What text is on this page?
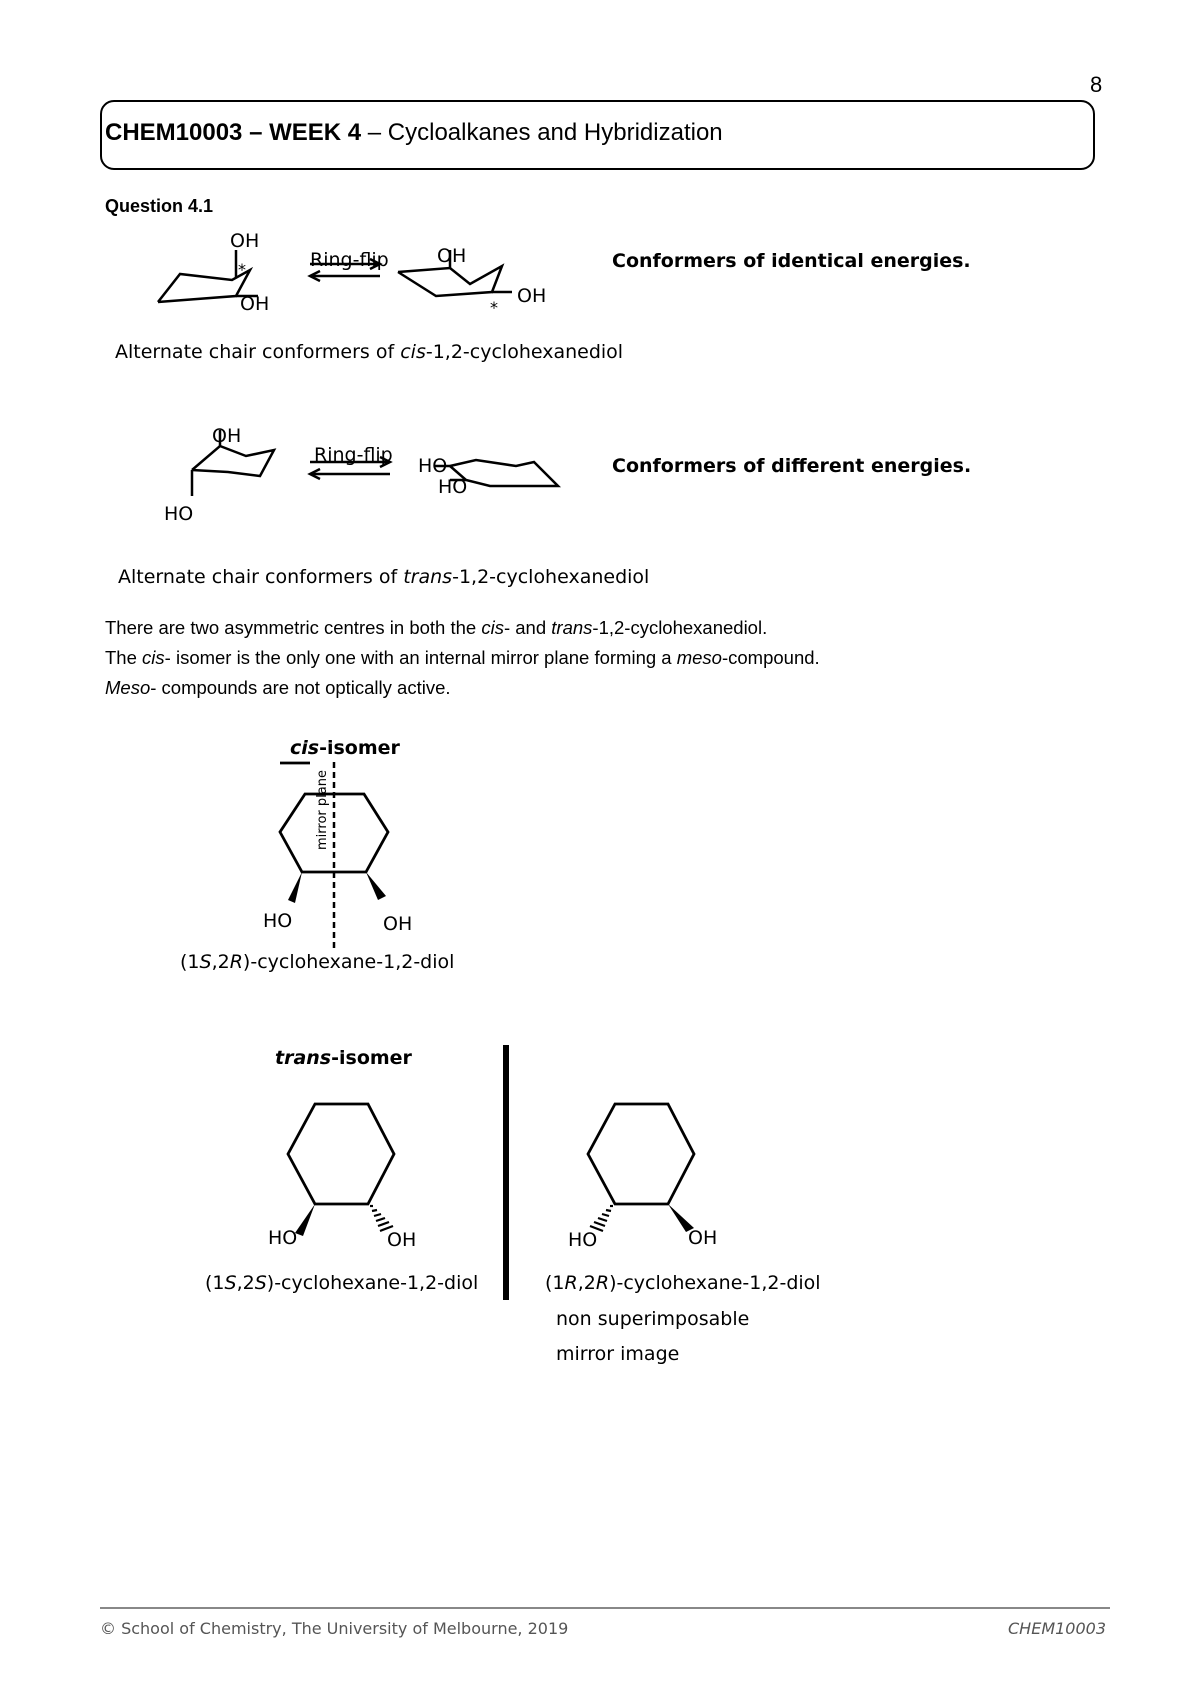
8
CHEM10003 – WEEK 4 – Cycloalkanes and Hybridization
Question 4.1
OH
OH
*	Ring-flip	OH
OH
*
Conformers of identical energies.
Alternate chair conformers of cis-1,2-cyclohexanediol
OH
HO
Ring-flip HO
HO
Conformers of different energies.
Alternate chair conformers of trans-1,2-cyclohexanediol
There are two asymmetric centres in both the cis- and trans-1,2-cyclohexanediol.
The cis- isomer is the only one with an internal mirror plane forming a meso-compound.
Meso- compounds are not optically active.
cis-isomer
mirror plane
HO	OH
(1S,2R)-cyclohexane-1,2-diol
trans-isomer
HO	OH
(1S,2S)-cyclohexane-1,2-diol
HO	OH
(1R,2R)-cyclohexane-1,2-diol
non superimposable
mirror image
© School of Chemistry, The University of Melbourne, 2019	CHEM10003
